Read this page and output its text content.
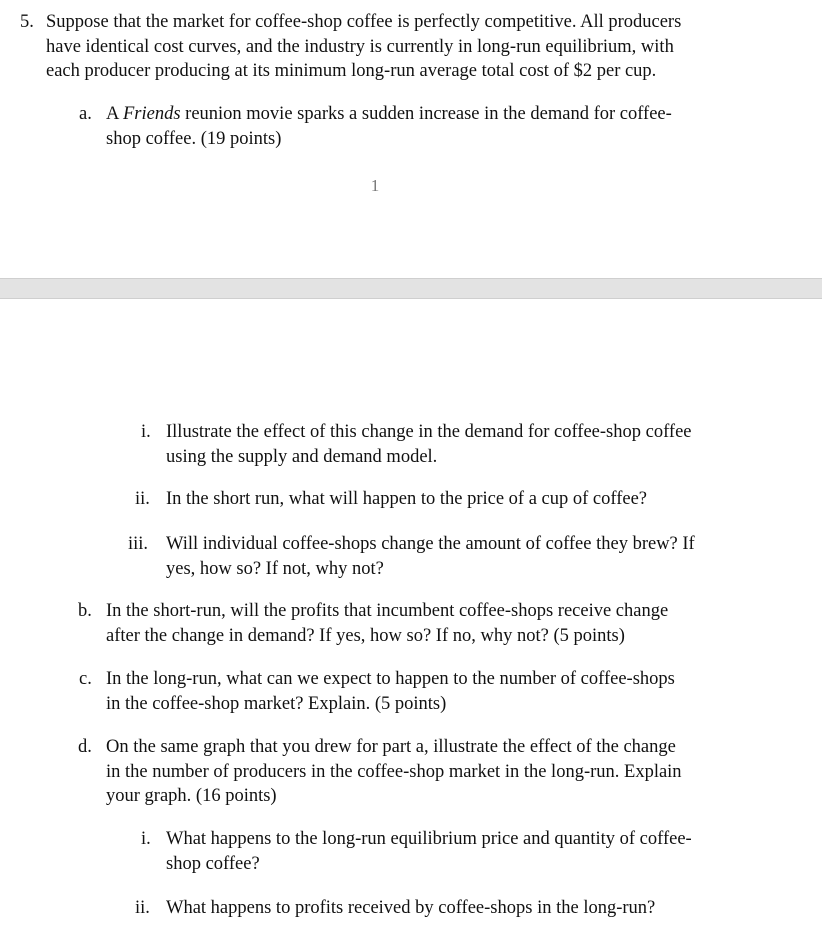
5. Suppose that the market for coffee-shop coffee is perfectly competitive. All producers
have identical cost curves, and the industry is currently in long-run equilibrium, with
each producer producing at its minimum long-run average total cost of $2 per cup.
a. A Friends reunion movie sparks a sudden increase in the demand for coffee-
shop coffee. (19 points)
1
i. Illustrate the effect of this change in the demand for coffee-shop coffee
using the supply and demand model.
ii. In the short run, what will happen to the price of a cup of coffee?
iii. Will individual coffee-shops change the amount of coffee they brew? If
yes, how so? If not, why not?
b. In the short-run, will the profits that incumbent coffee-shops receive change
after the change in demand? If yes, how so? If no, why not? (5 points)
c. In the long-run, what can we expect to happen to the number of coffee-shops
in the coffee-shop market? Explain. (5 points)
d. On the same graph that you drew for part a, illustrate the effect of the change
in the number of producers in the coffee-shop market in the long-run. Explain
your graph. (16 points)
i. What happens to the long-run equilibrium price and quantity of coffee-
shop coffee?
ii. What happens to profits received by coffee-shops in the long-run?
